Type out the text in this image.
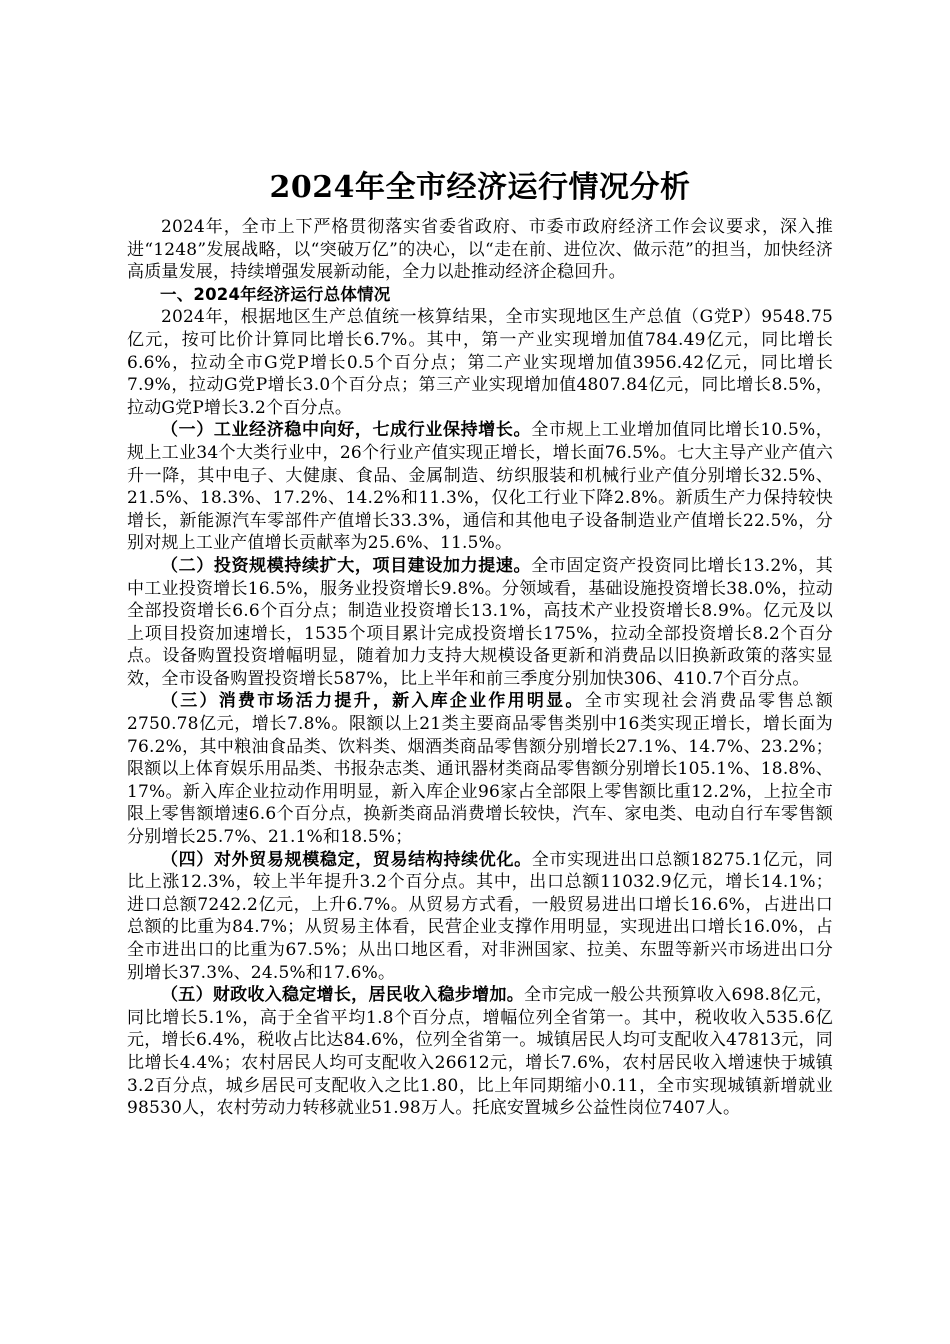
2024年全市经济运行情况分析

2024年，全市上下严格贯彻落实省委省政府、市委市政府经济工作会议要求，深入推进“1248”发展战略，以“突破万亿”的决心，以“走在前、进位次、做示范”的担当，加快经济高质量发展，持续增强发展新动能，全力以赴推动经济企稳回升。

一、2024年经济运行总体情况

2024年，根据地区生产总值统一核算结果，全市实现地区生产总值（G党P）9548.75亿元，按可比价计算同比增长6.7%。其中，第一产业实现增加值784.49亿元，同比增长6.6%，拉动全市G党P增长0.5个百分点；第二产业实现增加值3956.42亿元，同比增长7.9%，拉动G党P增长3.0个百分点；第三产业实现增加值4807.84亿元，同比增长8.5%，拉动G党P增长3.2个百分点。

（一）工业经济稳中向好，七成行业保持增长。全市规上工业增加值同比增长10.5%，规上工业34个大类行业中，26个行业产值实现正增长，增长面76.5%。七大主导产业产值六升一降，其中电子、大健康、食品、金属制造、纺织服装和机械行业产值分别增长32.5%、21.5%、18.3%、17.2%、14.2%和11.3%，仅化工行业下降2.8%。新质生产力保持较快增长，新能源汽车零部件产值增长33.3%，通信和其他电子设备制造业产值增长22.5%，分别对规上工业产值增长贡献率为25.6%、11.5%。

（二）投资规模持续扩大，项目建设加力提速。全市固定资产投资同比增长13.2%，其中工业投资增长16.5%，服务业投资增长9.8%。分领域看，基础设施投资增长38.0%，拉动全部投资增长6.6个百分点；制造业投资增长13.1%，高技术产业投资增长8.9%。亿元及以上项目投资加速增长，1535个项目累计完成投资增长175%，拉动全部投资增长8.2个百分点。设备购置投资增幅明显，随着加力支持大规模设备更新和消费品以旧换新政策的落实显效，全市设备购置投资增长587%，比上半年和前三季度分别加快306、410.7个百分点。

（三）消费市场活力提升，新入库企业作用明显。全市实现社会消费品零售总额2750.78亿元，增长7.8%。限额以上21类主要商品零售类别中16类实现正增长，增长面为76.2%，其中粮油食品类、饮料类、烟酒类商品零售额分别增长27.1%、14.7%、23.2%；限额以上体育娱乐用品类、书报杂志类、通讯器材类商品零售额分别增长105.1%、18.8%、17%。新入库企业拉动作用明显，新入库企业96家占全部限上零售额比重12.2%，上拉全市限上零售额增速6.6个百分点，换新类商品消费增长较快，汽车、家电类、电动自行车零售额分别增长25.7%、21.1%和18.5%；

（四）对外贸易规模稳定，贸易结构持续优化。全市实现进出口总额18275.1亿元，同比上涨12.3%，较上半年提升3.2个百分点。其中，出口总额11032.9亿元，增长14.1%；进口总额7242.2亿元，上升6.7%。从贸易方式看，一般贸易进出口增长16.6%，占进出口总额的比重为84.7%；从贸易主体看，民营企业支撑作用明显，实现进出口增长16.0%，占全市进出口的比重为67.5%；从出口地区看，对非洲国家、拉美、东盟等新兴市场进出口分别增长37.3%、24.5%和17.6%。

（五）财政收入稳定增长，居民收入稳步增加。全市完成一般公共预算收入698.8亿元，同比增长5.1%，高于全省平均1.8个百分点，增幅位列全省第一。其中，税收收入535.6亿元，增长6.4%，税收占比达84.6%，位列全省第一。城镇居民人均可支配收入47813元，同比增长4.4%；农村居民人均可支配收入26612元，增长7.6%，农村居民收入增速快于城镇3.2百分点，城乡居民可支配收入之比1.80，比上年同期缩小0.11，全市实现城镇新增就业98530人，农村劳动力转移就业51.98万人。托底安置城乡公益性岗位7407人。
